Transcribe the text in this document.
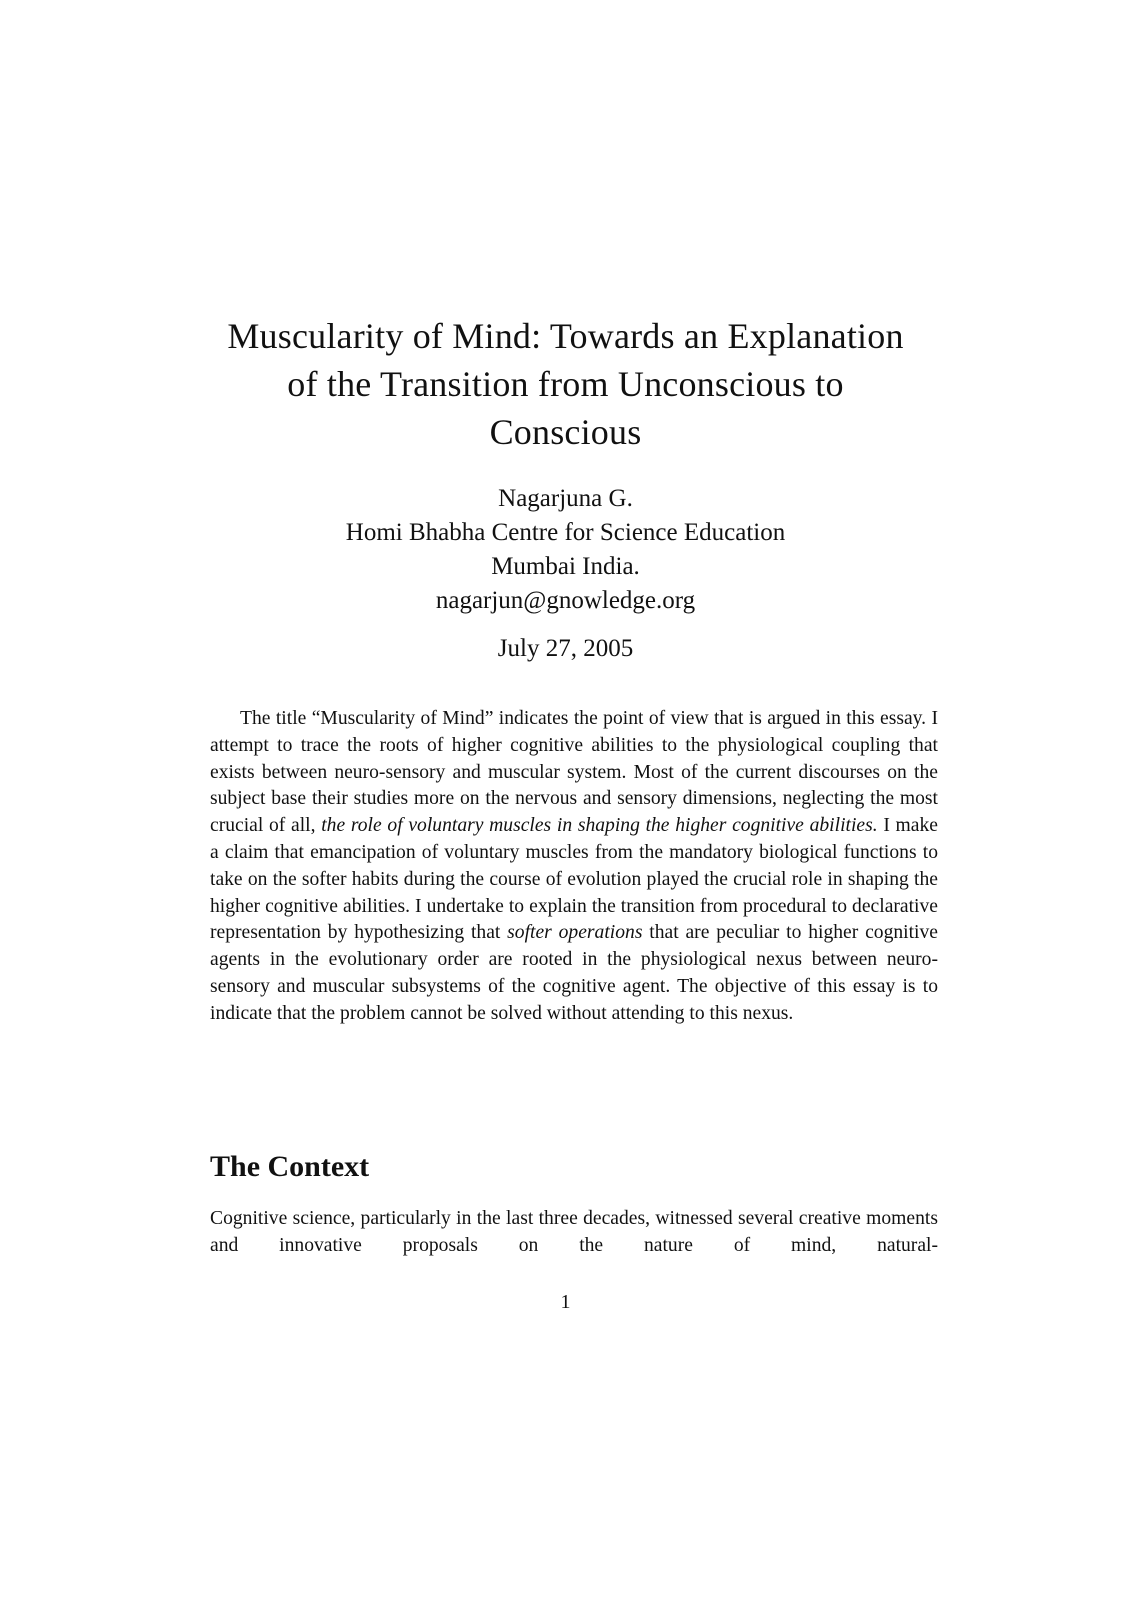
Muscularity of Mind: Towards an Explanation
of the Transition from Unconscious to
Conscious
Nagarjuna G.
Homi Bhabha Centre for Science Education
Mumbai India.
nagarjun@gnowledge.org
July 27, 2005

The title “Muscularity of Mind” indicates the point of view that is argued in this essay. I attempt to trace the roots of higher cognitive abilities to the physiological coupling that exists between neuro-sensory and muscular system. Most of the current discourses on the subject base their studies more on the nervous and sensory dimensions, neglecting the most crucial of all, the role of voluntary muscles in shaping the higher cognitive abilities. I make a claim that emancipation of voluntary muscles from the mandatory biological functions to take on the softer habits during the course of evolution played the crucial role in shaping the higher cognitive abilities. I undertake to explain the transition from procedural to declarative representation by hypothesizing that softer operations that are peculiar to higher cognitive agents in the evolutionary order are rooted in the physiological nexus between neuro-sensory and muscular subsystems of the cognitive agent. The objective of this essay is to indicate that the problem cannot be solved without attending to this nexus.

The Context

Cognitive science, particularly in the last three decades, witnessed several creative moments and innovative proposals on the nature of mind, natural-

1
